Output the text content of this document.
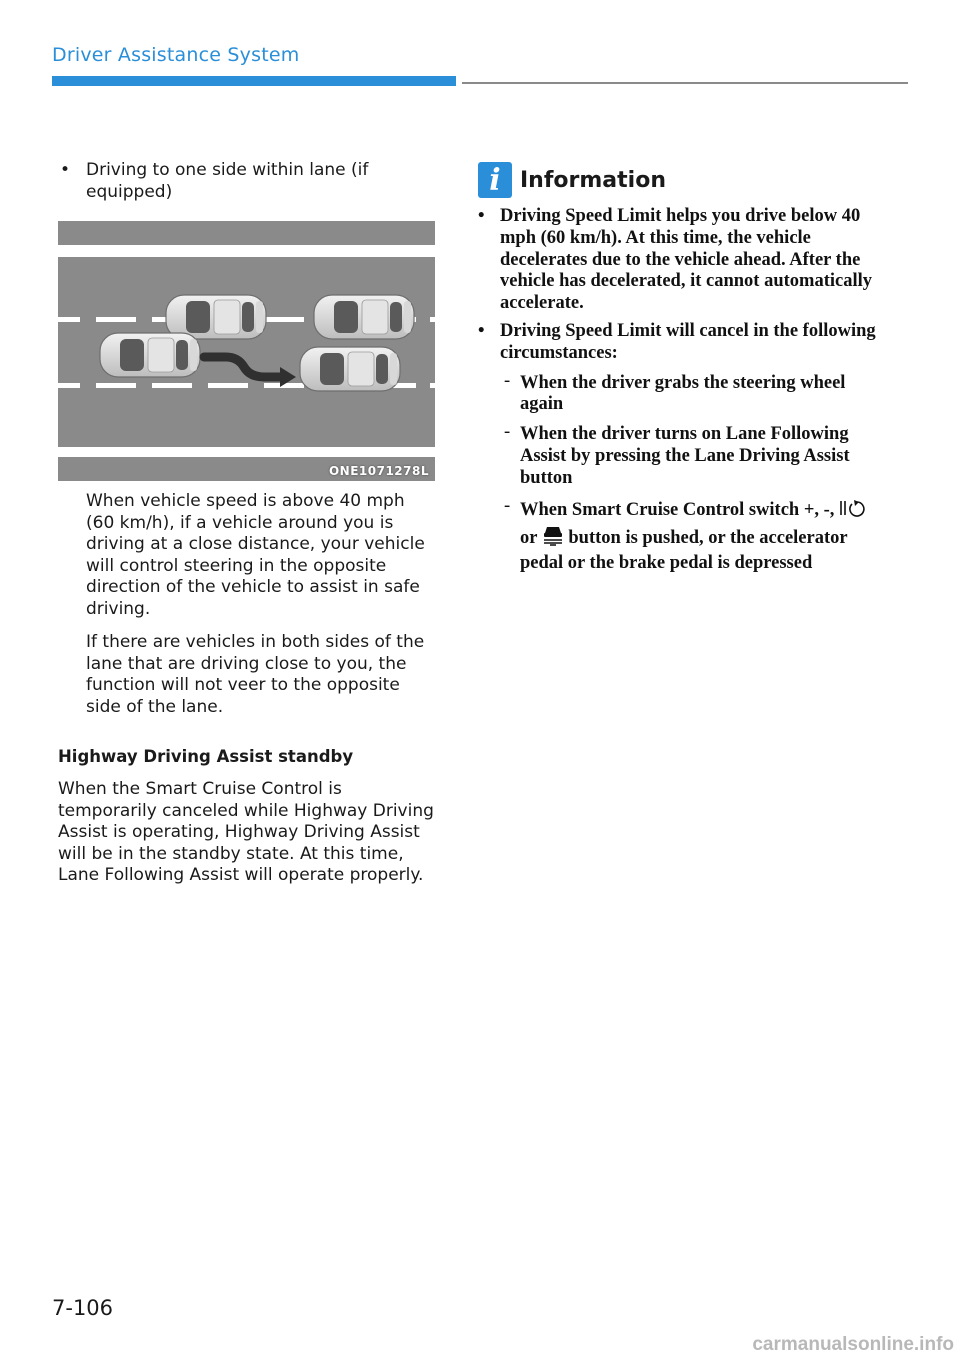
Driver Assistance System
• Driving to one side within lane (if equipped)
ONE1071278L
When vehicle speed is above 40 mph (60 km/h), if a vehicle around you is driving at a close distance, your vehicle will control steering in the opposite direction of the vehicle to assist in safe driving.
If there are vehicles in both sides of the lane that are driving close to you, the function will not veer to the opposite side of the lane.
Highway Driving Assist standby
When the Smart Cruise Control is temporarily canceled while Highway Driving Assist is operating, Highway Driving Assist will be in the standby state. At this time, Lane Following Assist will operate properly.
i Information
• Driving Speed Limit helps you drive below 40 mph (60 km/h). At this time, the vehicle decelerates due to the vehicle ahead. After the vehicle has decelerated, it cannot automatically accelerate.
• Driving Speed Limit will cancel in the following circumstances:
- When the driver grabs the steering wheel again
- When the driver turns on Lane Following Assist by pressing the Lane Driving Assist button
- When Smart Cruise Control switch +, -,  or button is pushed, or the accelerator pedal or the brake pedal is depressed
7-106
carmanualsonline.info
